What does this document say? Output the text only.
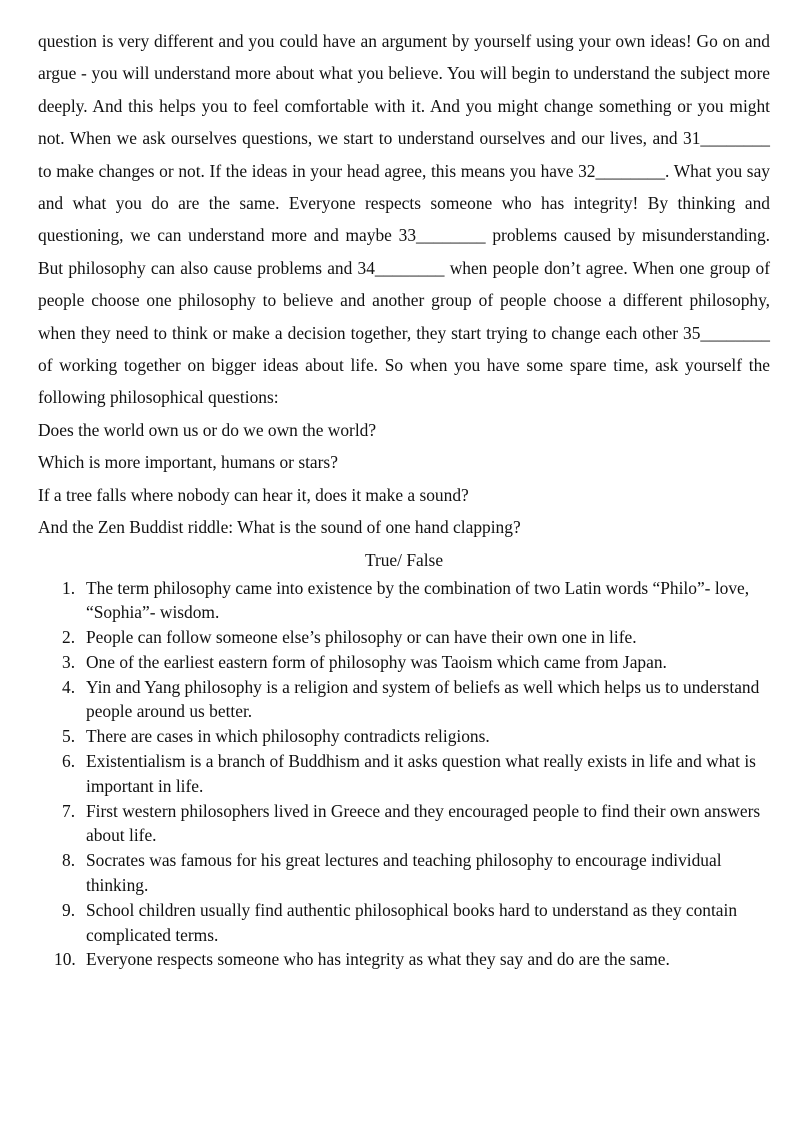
question is very different and you could have an argument by yourself using your own ideas! Go on and argue - you will understand more about what you believe. You will begin to understand the subject more deeply. And this helps you to feel comfortable with it. And you might change something or you might not. When we ask ourselves questions, we start to understand ourselves and our lives, and 31________ to make changes or not. If the ideas in your head agree, this means you have 32________. What you say and what you do are the same. Everyone respects someone who has integrity! By thinking and questioning, we can understand more and maybe 33________ problems caused by misunderstanding. But philosophy can also cause problems and 34________ when people don’t agree. When one group of people choose one philosophy to believe and another group of people choose a different philosophy, when they need to think or make a decision together, they start trying to change each other 35________ of working together on bigger ideas about life. So when you have some spare time, ask yourself the following philosophical questions:

Does the world own us or do we own the world?

Which is more important, humans or stars?

If a tree falls where nobody can hear it, does it make a sound?

And the Zen Buddist riddle: What is the sound of one hand clapping?

True/ False

1. The term philosophy came into existence by the combination of two Latin words “Philo”- love, “Sophia”- wisdom.
2. People can follow someone else’s philosophy or can have their own one in life.
3. One of the earliest eastern form of philosophy was Taoism which came from Japan.
4. Yin and Yang philosophy is a religion and system of beliefs as well which helps us to understand people around us better.
5. There are cases in which philosophy contradicts religions.
6. Existentialism is a branch of Buddhism and it asks question what really exists in life and what is important in life.
7. First western philosophers lived in Greece and they encouraged people to find their own answers about life.
8. Socrates was famous for his great lectures and teaching philosophy to encourage individual thinking.
9. School children usually find authentic philosophical books hard to understand as they contain complicated terms.
10. Everyone respects someone who has integrity as what they say and do are the same.
